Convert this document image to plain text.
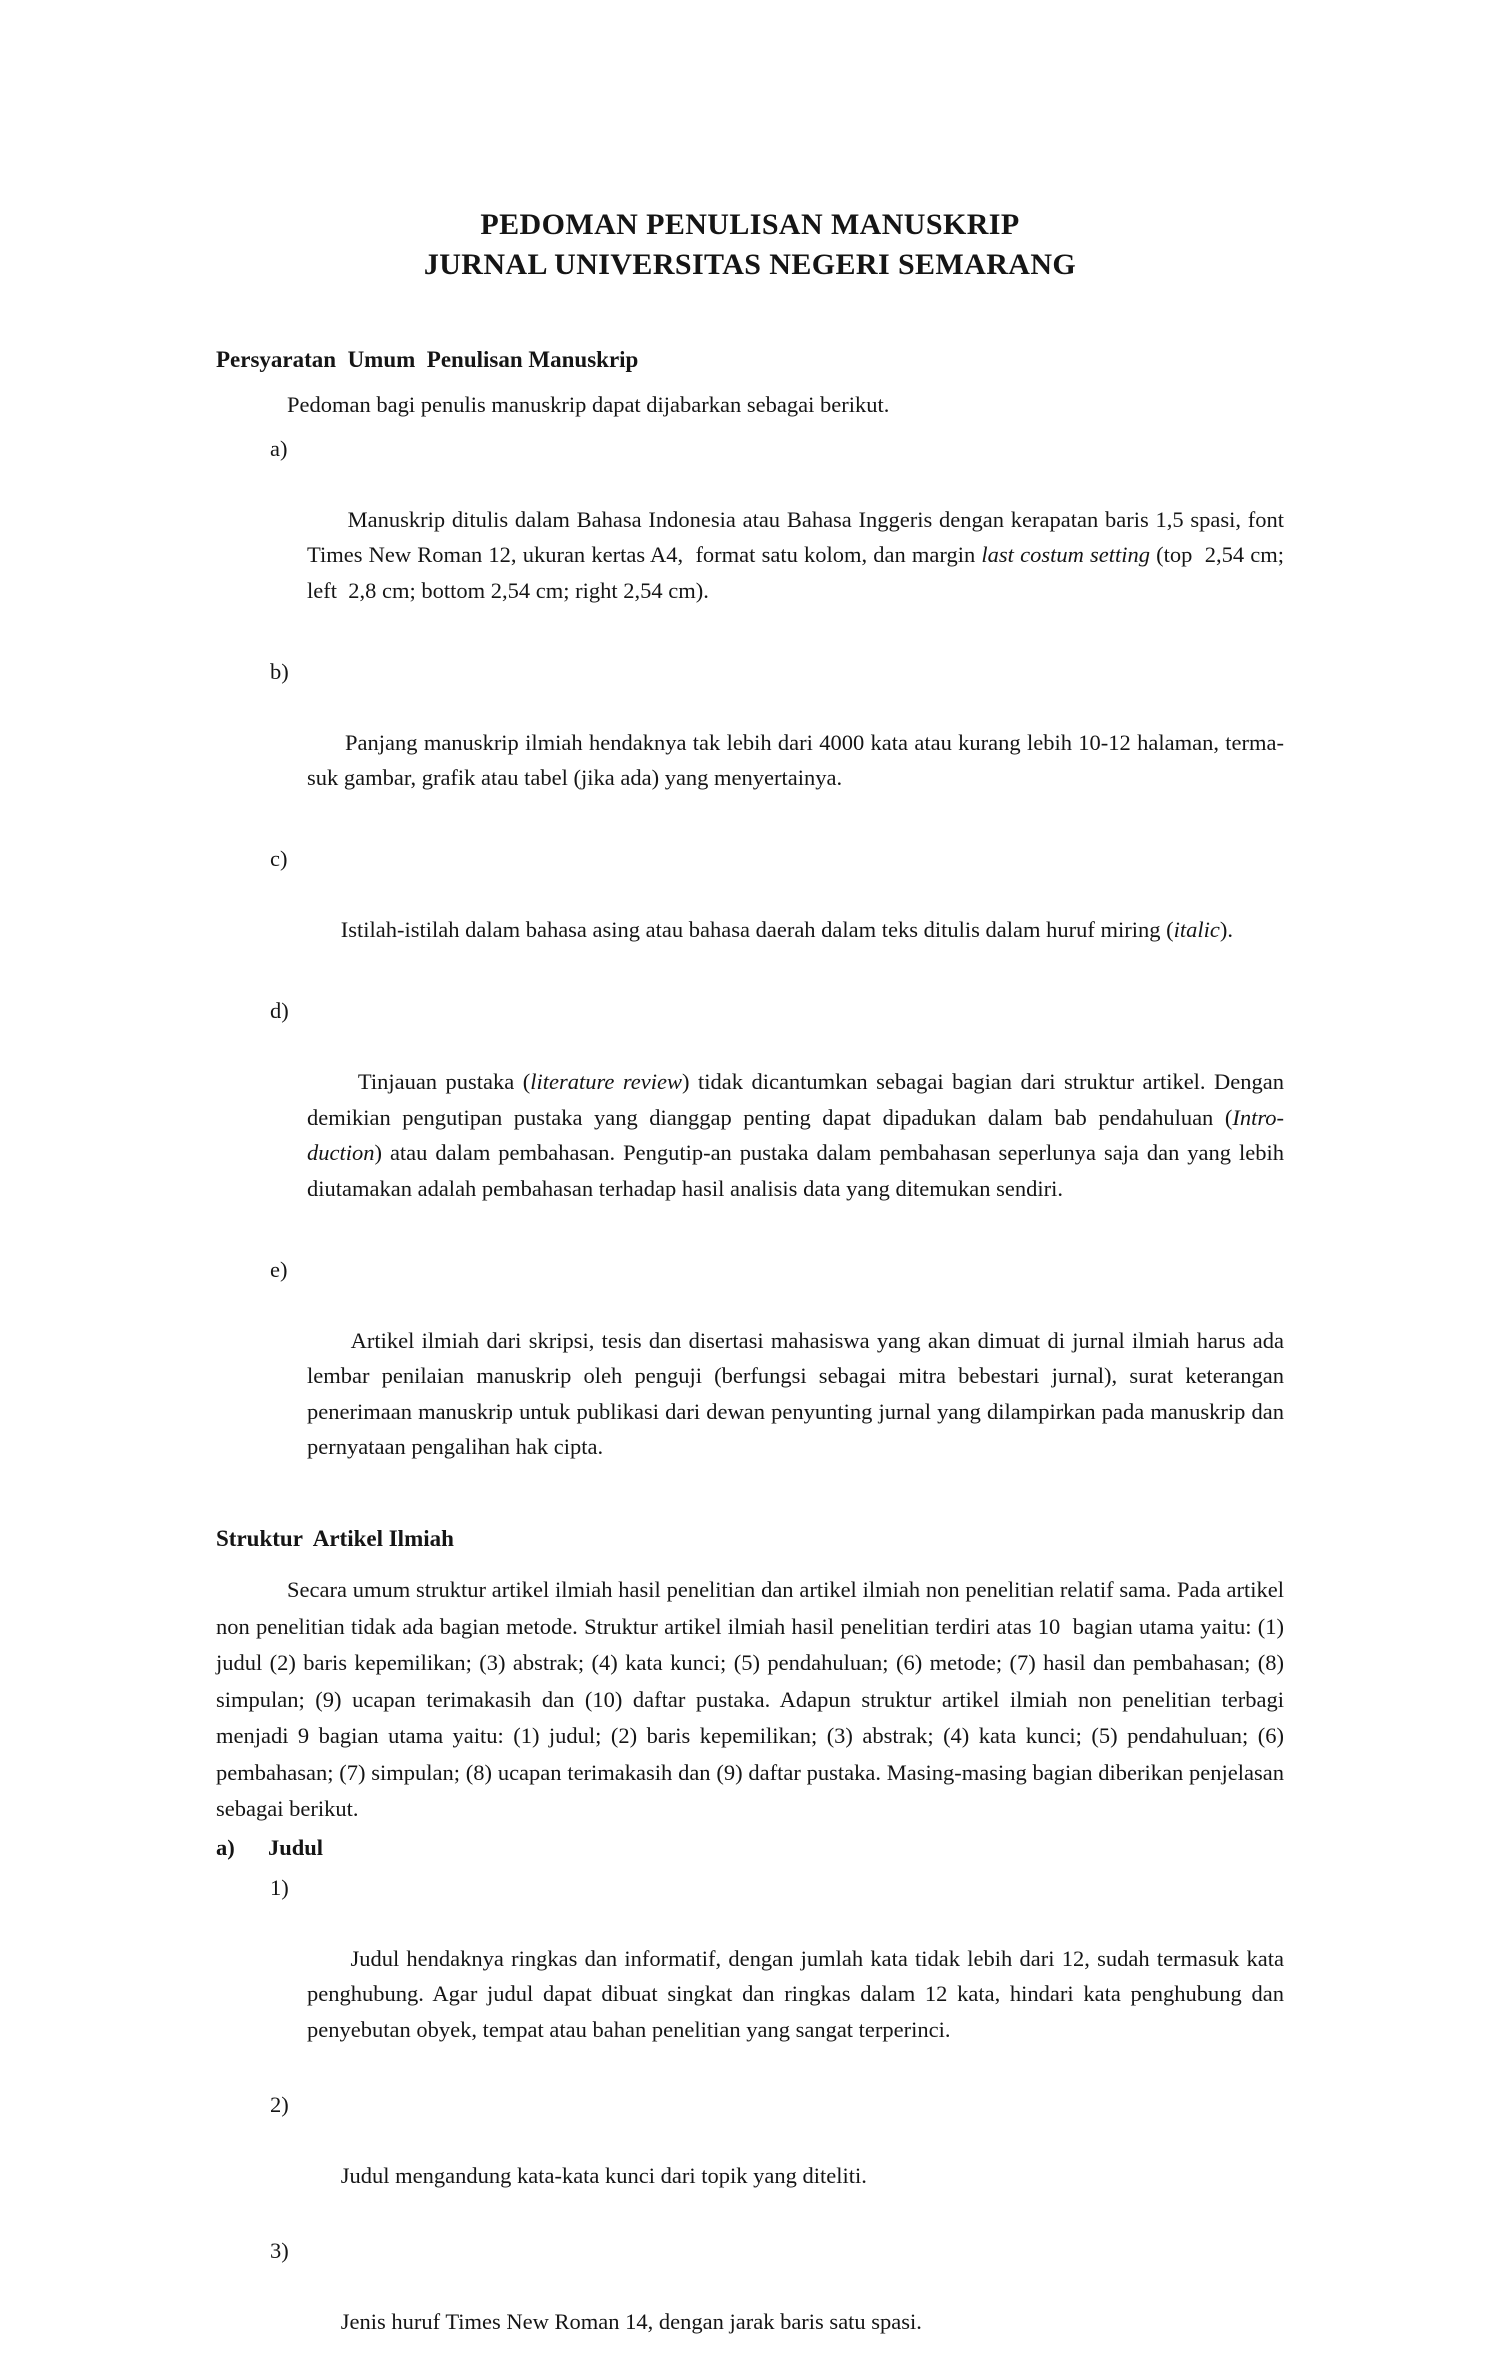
PEDOMAN PENULISAN MANUSKRIP
JURNAL UNIVERSITAS NEGERI SEMARANG
Persyaratan  Umum  Penulisan Manuskrip
Pedoman bagi penulis manuskrip dapat dijabarkan sebagai berikut.

a)

Manuskrip ditulis dalam Bahasa Indonesia atau Bahasa Inggeris dengan kerapatan baris 1,5 spasi, font Times New Roman 12, ukuran kertas A4,  format satu kolom, dan margin last costum setting (top  2,54 cm; left  2,8 cm; bottom 2,54 cm; right 2,54 cm).

b)

Panjang manuskrip ilmiah hendaknya tak lebih dari 4000 kata atau kurang lebih 10-12 halaman, terma-suk gambar, grafik atau tabel (jika ada) yang menyertainya.

c)

Istilah-istilah dalam bahasa asing atau bahasa daerah dalam teks ditulis dalam huruf miring (italic).

d)

Tinjauan pustaka (literature review) tidak dicantumkan sebagai bagian dari struktur artikel. Dengan demikian pengutipan pustaka yang dianggap penting dapat dipadukan dalam bab pendahuluan (Intro-duction) atau dalam pembahasan. Pengutip-an pustaka dalam pembahasan seperlunya saja dan yang lebih diutamakan adalah pembahasan terhadap hasil analisis data yang ditemukan sendiri.

e)

Artikel ilmiah dari skripsi, tesis dan disertasi mahasiswa yang akan dimuat di jurnal ilmiah harus ada lembar penilaian manuskrip oleh penguji (berfungsi sebagai mitra bebestari jurnal), surat keterangan penerimaan manuskrip untuk publikasi dari dewan penyunting jurnal yang dilampirkan pada manuskrip dan pernyataan pengalihan hak cipta.

Struktur  Artikel Ilmiah
Secara umum struktur artikel ilmiah hasil penelitian dan artikel ilmiah non penelitian relatif sama. Pada artikel non penelitian tidak ada bagian metode. Struktur artikel ilmiah hasil penelitian terdiri atas 10  bagian utama yaitu: (1) judul (2) baris kepemilikan; (3) abstrak; (4) kata kunci; (5) pendahuluan; (6) metode; (7) hasil dan pembahasan; (8) simpulan; (9) ucapan terimakasih dan (10) daftar pustaka. Adapun struktur artikel ilmiah non penelitian terbagi menjadi 9 bagian utama yaitu: (1) judul; (2) baris kepemilikan; (3) abstrak; (4) kata kunci; (5) pendahuluan; (6) pembahasan; (7) simpulan; (8) ucapan terimakasih dan (9) daftar pustaka. Masing-masing bagian diberikan penjelasan sebagai berikut.
a) Judul

1)

Judul hendaknya ringkas dan informatif, dengan jumlah kata tidak lebih dari 12, sudah termasuk kata penghubung. Agar judul dapat dibuat singkat dan ringkas dalam 12 kata, hindari kata penghubung dan penyebutan obyek, tempat atau bahan penelitian yang sangat terperinci.

2)

Judul mengandung kata-kata kunci dari topik yang diteliti.

3)

Jenis huruf Times New Roman 14, dengan jarak baris satu spasi.
